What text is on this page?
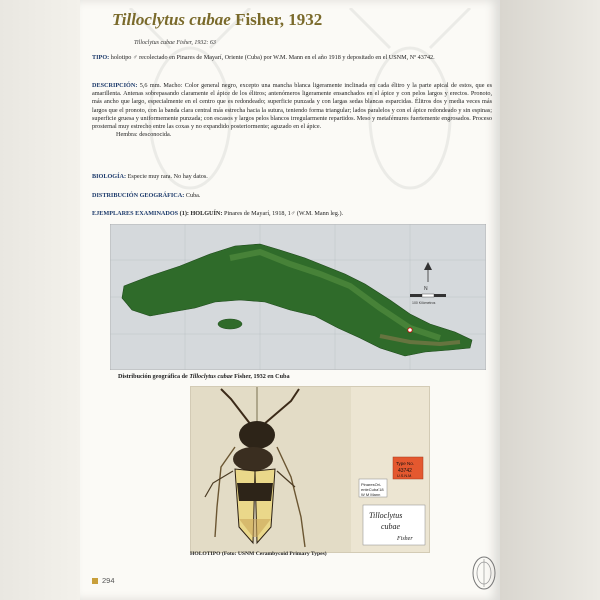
Tilloclytus cubae Fisher, 1932
Tilloclytus cubae Fisher, 1932: 63
TIPO: holotipo ♂ recolectado en Pinares de Mayarí, Oriente (Cuba) por W.M. Mann en el año 1918 y depositado en el USNM, Nº 43742.
DESCRIPCIÓN: 5,6 mm. Macho: Color general negro, excepto una mancha blanca ligeramente inclinada en cada élitro y la parte apical de estos, que es amarillenta. Antenas sobrepasando claramente el ápice de los élitros; antenómeros ligeramente ensanchados en el ápice y con pelos largos y erectos. Pronoto, más ancho que largo, especialmente en el centro que es redondeado; superficie punzada y con largas sedas blancas esparcidas. Élitros dos y media veces más largos que el pronoto, con la banda clara central más estrecha hacia la sutura, teniendo forma triangular; lados paralelos y con el ápice redondeado y sin espinas; superficie gruesa y uniformemente punzada; con escasos y largos pelos blancos irregularmente repartidos. Meso y metafémures fuertemente engrosados. Proceso prosternal muy estrecho entre las coxas y no expandido posteriormente; aguzado en el ápice.
Hembra: desconocida.
BIOLOGÍA: Especie muy rara. No hay datos.
DISTRIBUCIÓN GEOGRÁFICA: Cuba.
EJEMPLARES EXAMINADOS (1): HOLGUÍN: Pinares de Mayarí, 1918, 1♂ (W.M. Mann leg.).
N
100 Kilómetros
Distribución geográfica de Tilloclytus cubae Fisher, 1932 en Cuba
PinaresOri-
enteCuba'18
W M Mann
Type No.
43742
U.S.N.M.
Tilloclytus
cubae
Fisher
HOLOTIPO (Foto: USNM Cerambycoid Primary Types)
294
